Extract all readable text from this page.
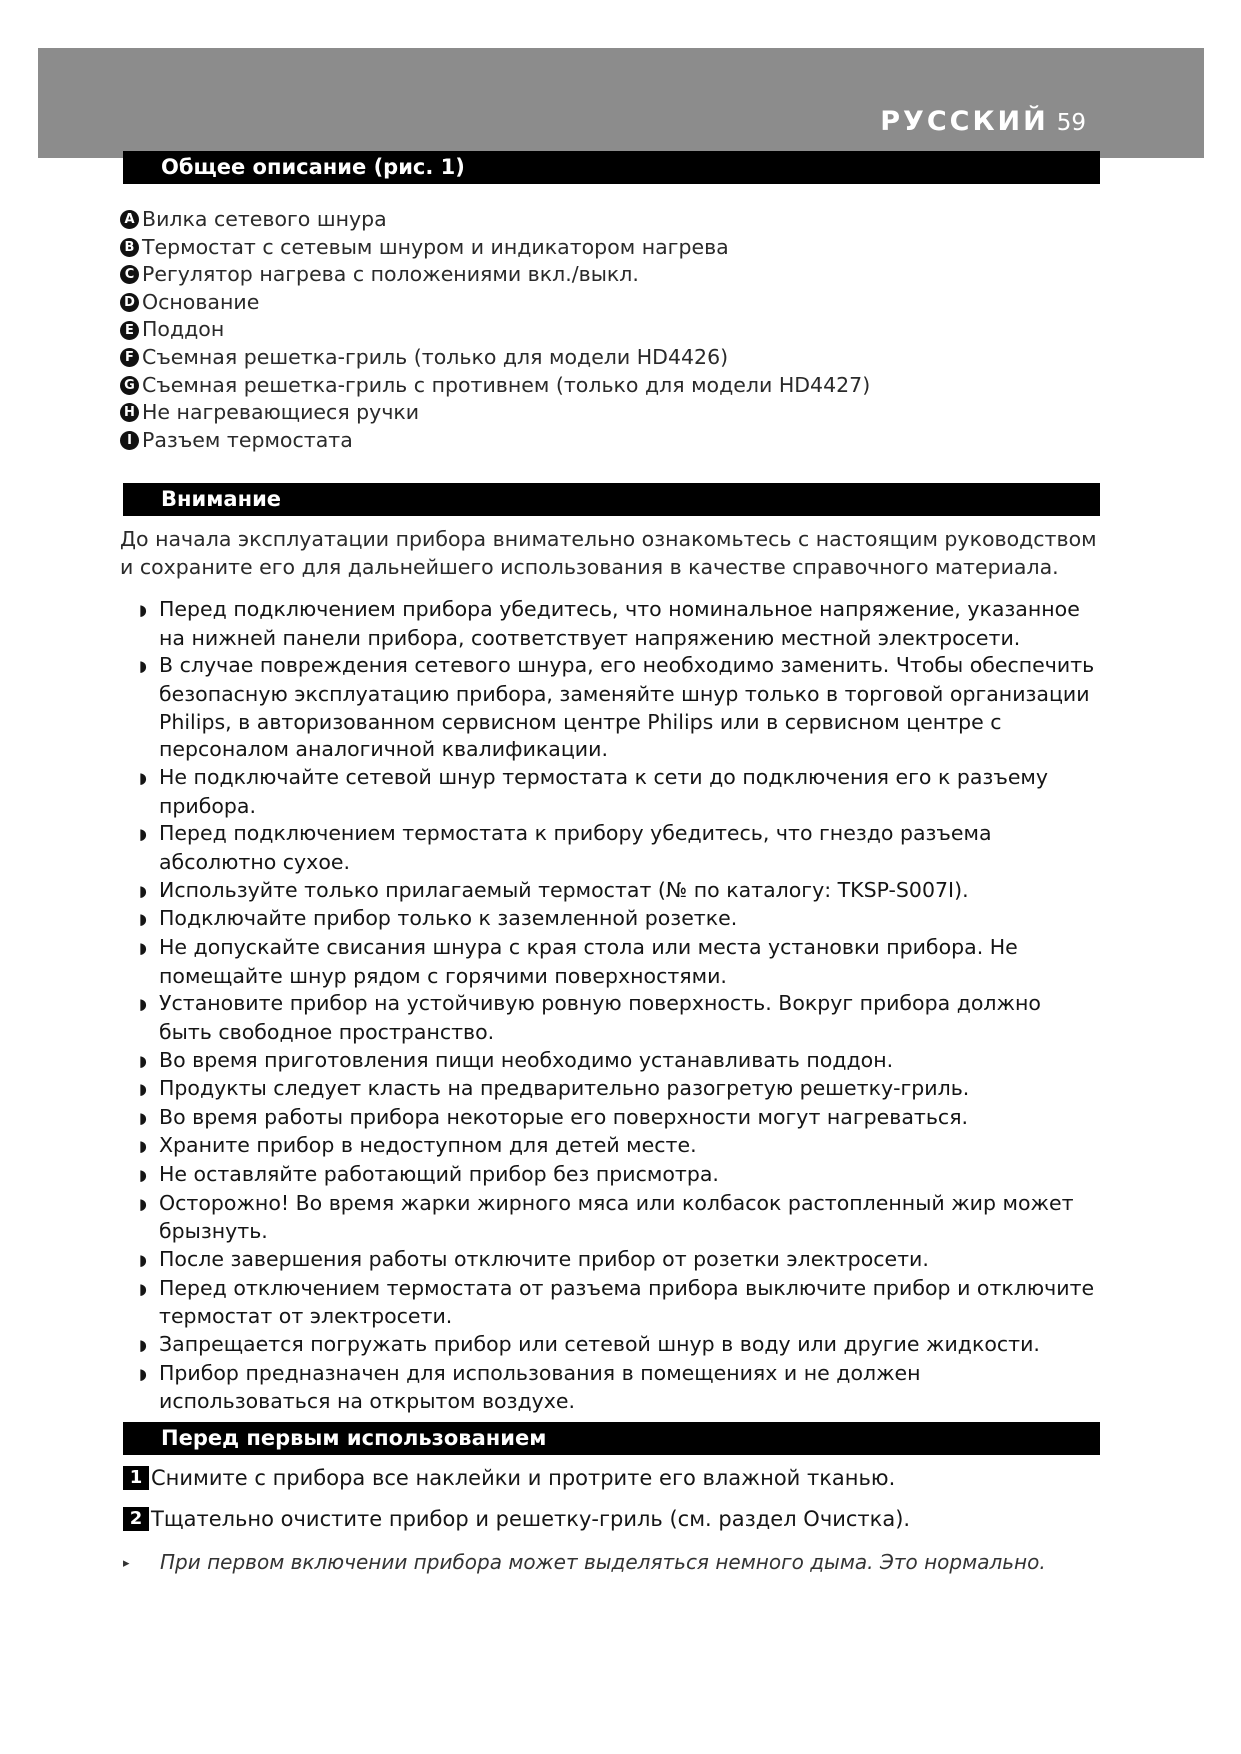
РУССКИЙ 59
Общее описание (рис. 1)
A Вилка сетевого шнура
B Термостат с сетевым шнуром и индикатором нагрева
C Регулятор нагрева с положениями вкл./выкл.
D Основание
E Поддон
F Съемная решетка-гриль (только для модели HD4426)
G Съемная решетка-гриль с противнем (только для модели HD4427)
H Не нагревающиеся ручки
I Разъем термостата
Внимание

До начала эксплуатации прибора внимательно ознакомьтесь с настоящим руководством и сохраните его для дальнейшего использования в качестве справочного материала.

◗ Перед подключением прибора убедитесь, что номинальное напряжение, указанное на нижней панели прибора, соответствует напряжению местной электросети.
◗ В случае повреждения сетевого шнура, его необходимо заменить. Чтобы обеспечить безопасную эксплуатацию прибора, заменяйте шнур только в торговой организации Philips, в авторизованном сервисном центре Philips или в сервисном центре с персоналом аналогичной квалификации.
◗ Не подключайте сетевой шнур термостата к сети до подключения его к разъему прибора.
◗ Перед подключением термостата к прибору убедитесь, что гнездо разъема абсолютно сухое.
◗ Используйте только прилагаемый термостат (№ по каталогу: TKSP-S007I).
◗ Подключайте прибор только к заземленной розетке.
◗ Не допускайте свисания шнура с края стола или места установки прибора. Не помещайте шнур рядом с горячими поверхностями.
◗ Установите прибор на устойчивую ровную поверхность. Вокруг прибора должно быть свободное пространство.
◗ Во время приготовления пищи необходимо устанавливать поддон.
◗ Продукты следует класть на предварительно разогретую решетку-гриль.
◗ Во время работы прибора некоторые его поверхности могут нагреваться.
◗ Храните прибор в недоступном для детей месте.
◗ Не оставляйте работающий прибор без присмотра.
◗ Осторожно! Во время жарки жирного мяса или колбасок растопленный жир может брызнуть.
◗ После завершения работы отключите прибор от розетки электросети.
◗ Перед отключением термостата от разъема прибора выключите прибор и отключите термостат от электросети.
◗ Запрещается погружать прибор или сетевой шнур в воду или другие жидкости.
◗ Прибор предназначен для использования в помещениях и не должен использоваться на открытом воздухе.
Перед первым использованием
1 Снимите с прибора все наклейки и протрите его влажной тканью.
2 Тщательно очистите прибор и решетку-гриль (см. раздел Очистка).
▸ При первом включении прибора может выделяться немного дыма. Это нормально.
